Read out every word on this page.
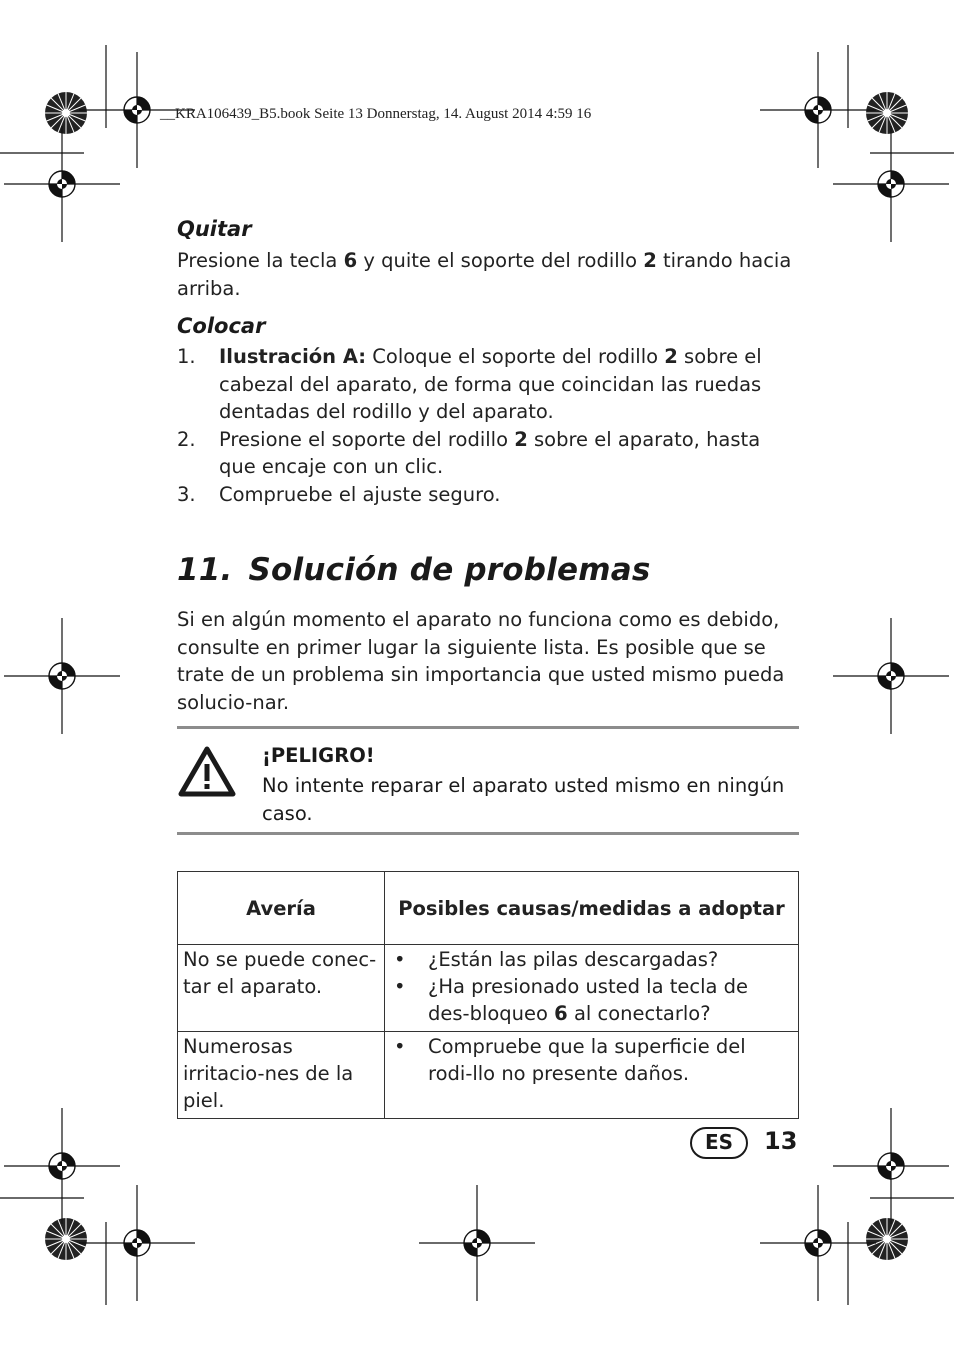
__KRA106439_B5.book Seite 13 Donnerstag, 14. August 2014 4:59 16
Quitar
Presione la tecla 6 y quite el soporte del rodillo 2 tirando hacia arriba.
Colocar
1.	Ilustración A: Coloque el soporte del rodillo 2 sobre el cabezal del aparato, de forma que coincidan las ruedas dentadas del rodillo y del aparato.
2.	Presione el soporte del rodillo 2 sobre el aparato, hasta que encaje con un clic.
3.	Compruebe el ajuste seguro.
11. Solución de problemas
Si en algún momento el aparato no funciona como es debido, consulte en primer lugar la siguiente lista. Es posible que se trate de un problema sin importancia que usted mismo pueda solucio-nar.
¡PELIGRO!
No intente reparar el aparato usted mismo en ningún caso.
Avería	Posibles causas/medidas a adoptar
No se puede conec-tar el aparato.	• ¿Están las pilas descargadas?
• ¿Ha presionado usted la tecla de des-bloqueo 6 al conectarlo?

Numerosas irritacio-nes de la piel.	• Compruebe que la superficie del rodi-llo no presente daños.
ES	13
